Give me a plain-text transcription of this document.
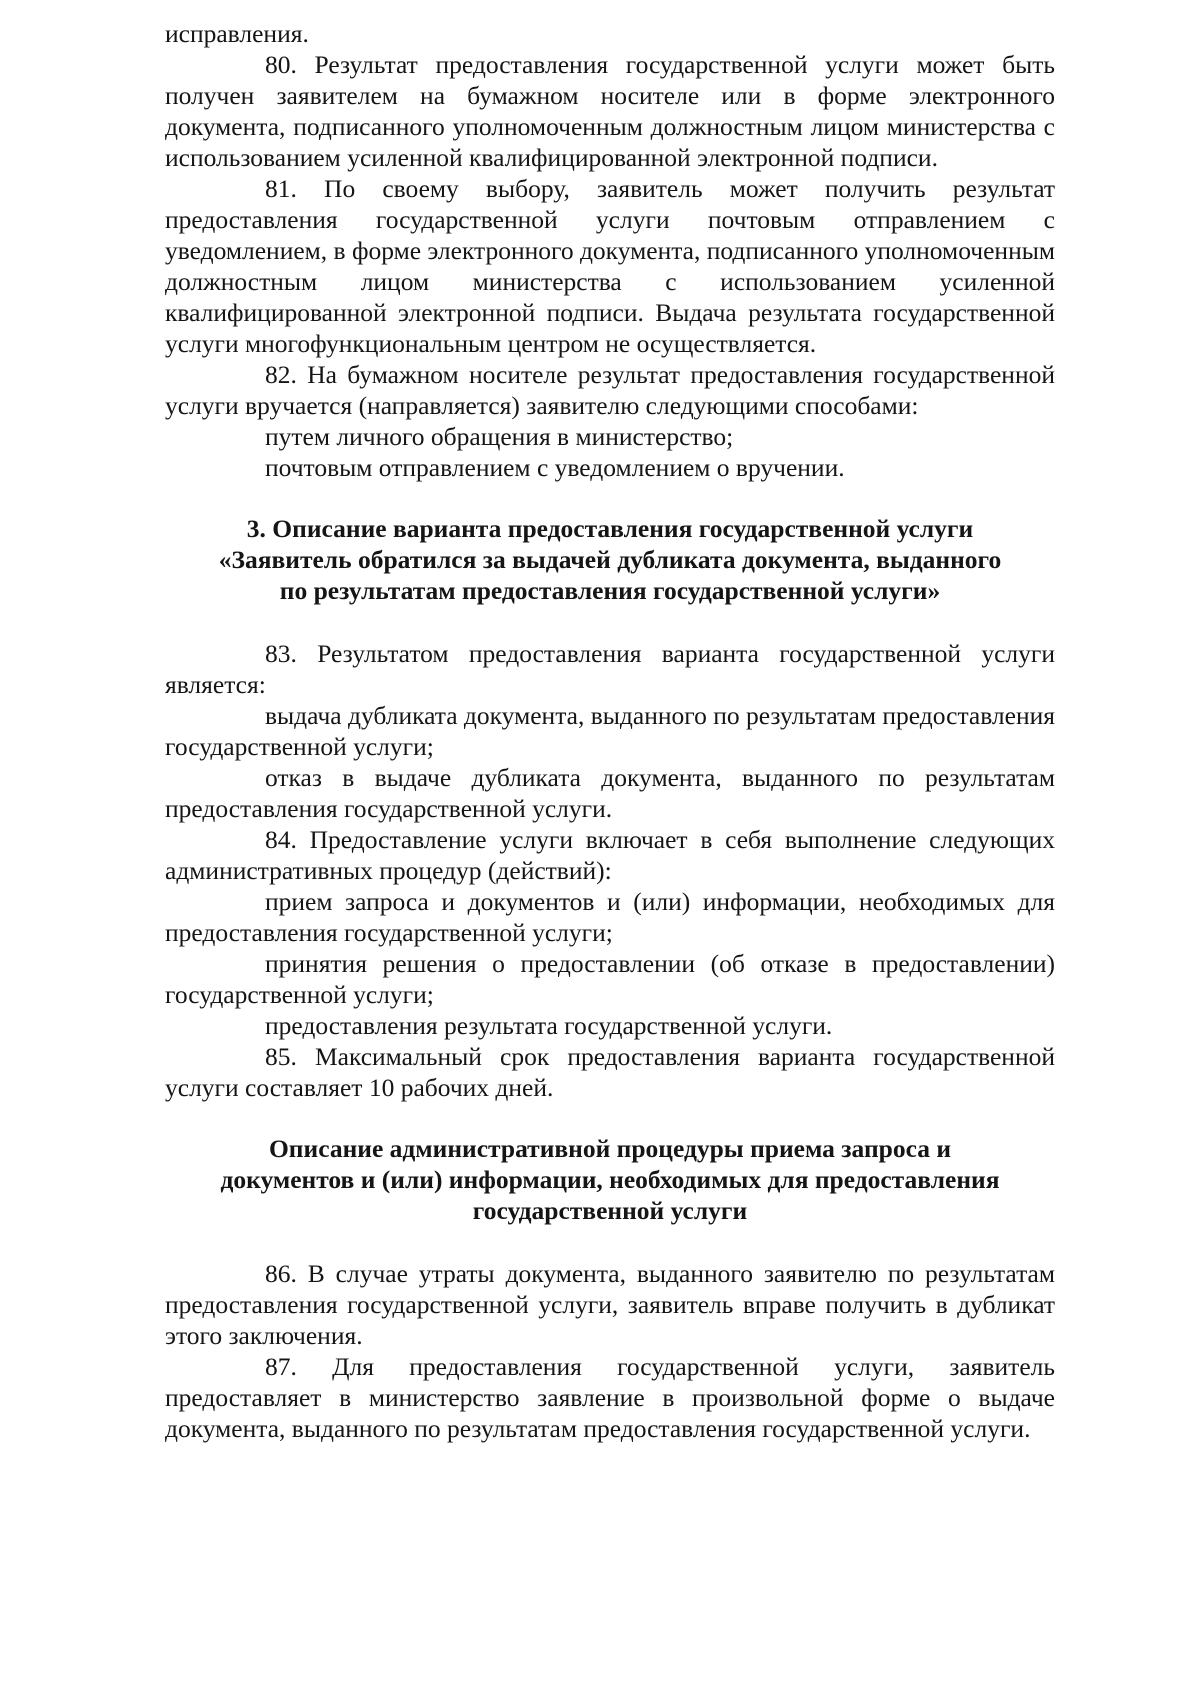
исправления.

80. Результат предоставления государственной услуги может быть получен заявителем на бумажном носителе или в форме электронного документа, подписанного уполномоченным должностным лицом министерства с использованием усиленной квалифицированной электронной подписи.

81. По своему выбору, заявитель может получить результат предоставления государственной услуги почтовым отправлением с уведомлением, в форме электронного документа, подписанного уполномоченным должностным лицом министерства с использованием усиленной квалифицированной электронной подписи. Выдача результата государственной услуги многофункциональным центром не осуществляется.

82. На бумажном носителе результат предоставления государственной услуги вручается (направляется) заявителю следующими способами:

путем личного обращения в министерство;

почтовым отправлением с уведомлением о вручении.

3. Описание варианта предоставления государственной услуги
«Заявитель обратился за выдачей дубликата документа, выданного
по результатам предоставления государственной услуги»

83. Результатом предоставления варианта государственной услуги является:

выдача дубликата документа, выданного по результатам предоставления государственной услуги;

отказ в выдаче дубликата документа, выданного по результатам предоставления государственной услуги.

84. Предоставление услуги включает в себя выполнение следующих административных процедур (действий):

прием запроса и документов и (или) информации, необходимых для предоставления государственной услуги;

принятия решения о предоставлении (об отказе в предоставлении) государственной услуги;

предоставления результата государственной услуги.

85. Максимальный срок предоставления варианта государственной услуги составляет 10 рабочих дней.

Описание административной процедуры приема запроса и
документов и (или) информации, необходимых для предоставления
государственной услуги

86. В случае утраты документа, выданного заявителю по результатам предоставления государственной услуги, заявитель вправе получить в дубликат этого заключения.

87. Для предоставления государственной услуги, заявитель предоставляет в министерство заявление в произвольной форме о выдаче документа, выданного по результатам предоставления государственной услуги.
